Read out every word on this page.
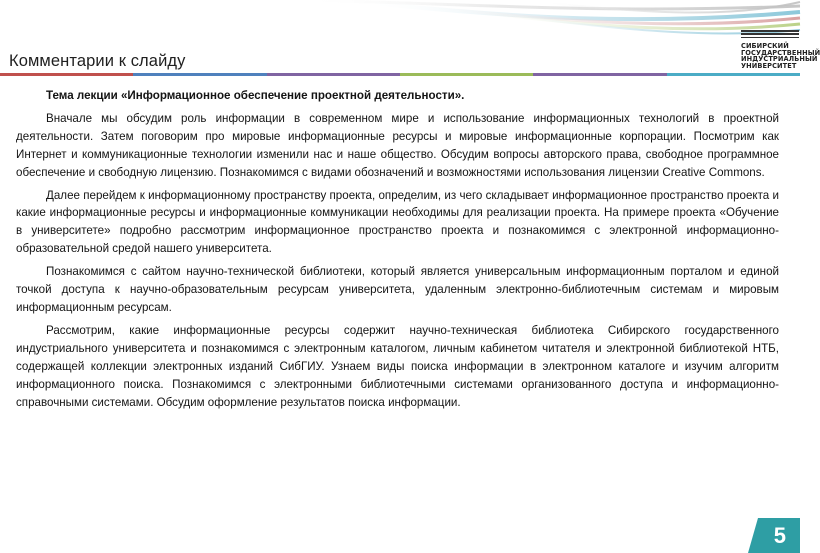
Комментарии к слайду
СИБИРСКИЙ
ГОСУДАРСТВЕННЫЙ
ИНДУСТРИАЛЬНЫЙ
УНИВЕРСИТЕТ

Тема лекции «Информационное обеспечение проектной деятельности».

Вначале мы обсудим роль информации в современном мире и использование информационных технологий в проектной деятельности. Затем поговорим про мировые информационные ресурсы и мировые информационные корпорации. Посмотрим как Интернет и коммуникационные технологии изменили нас и наше общество. Обсудим вопросы авторского права, свободное программное обеспечение и свободную лицензию. Познакомимся с видами обозначений и возможностями использования лицензии Creative Commons.

Далее перейдем к информационному пространству проекта, определим, из чего складывает информационное пространство проекта и какие информационные ресурсы и информационные коммуникации необходимы для реализации проекта. На примере проекта «Обучение в университете» подробно рассмотрим информационное пространство проекта и познакомимся с электронной информационно-образовательной средой нашего университета.

Познакомимся с сайтом научно-технической библиотеки, который является универсальным информационным порталом и единой точкой доступа к научно-образовательным ресурсам университета, удаленным электронно-библиотечным системам и мировым информационным ресурсам.

Рассмотрим, какие информационные ресурсы содержит научно-техническая библиотека Сибирского государственного индустриального университета и познакомимся с электронным каталогом, личным кабинетом читателя и электронной библиотекой НТБ, содержащей коллекции электронных изданий СибГИУ. Узнаем виды поиска информации в электронном каталоге и изучим алгоритм информационного поиска. Познакомимся с электронными библиотечными системами организованного доступа и информационно-справочными системами. Обсудим оформление результатов поиска информации.

5
